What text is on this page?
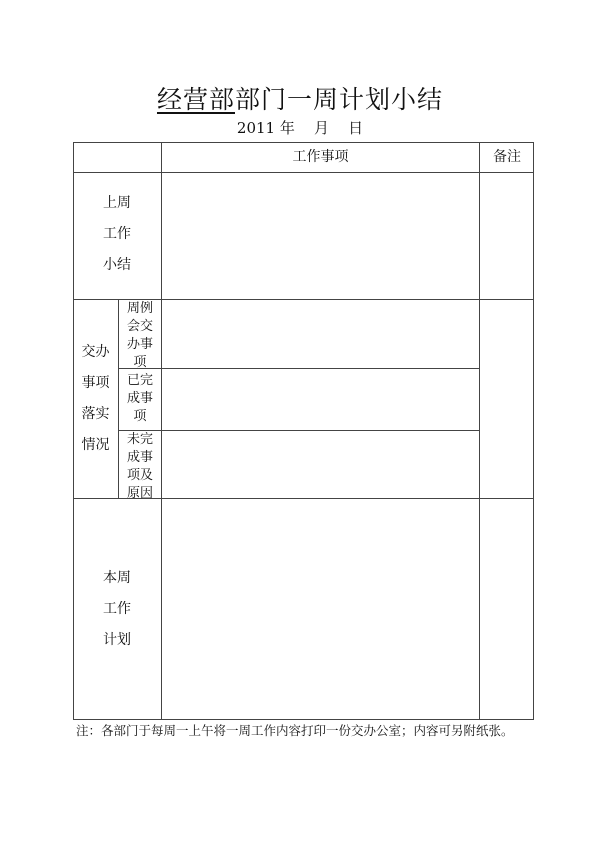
经营部部门一周计划小结
2011 年 月 日
工作事项	备注
上周
工作
小结
交办
事项
落实
情况
周例
会交
办事
项
已完
成事
项
未完
成事
项及
原因
本周
工作
计划
注：各部门于每周一上午将一周工作内容打印一份交办公室；内容可另附纸张。
